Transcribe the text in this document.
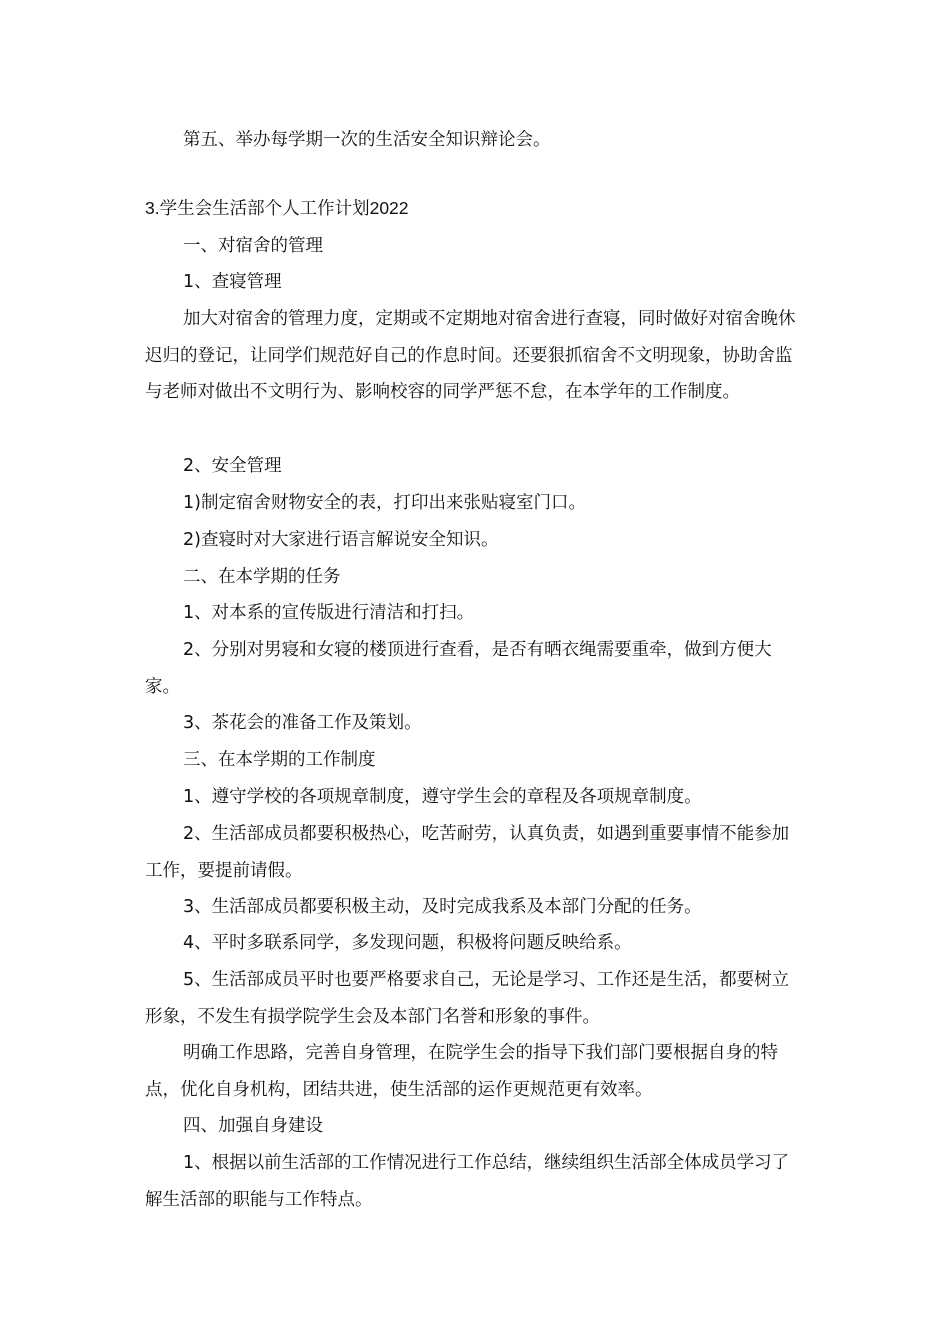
第五、举办每学期一次的生活安全知识辩论会。

3.学生会生活部个人工作计划2022

一、对宿舍的管理

1、查寝管理

加大对宿舍的管理力度，定期或不定期地对宿舍进行查寝，同时做好对宿舍晚休迟归的登记，让同学们规范好自己的作息时间。还要狠抓宿舍不文明现象，协助舍监与老师对做出不文明行为、影响校容的同学严惩不怠，在本学年的工作制度。

2、安全管理

1)制定宿舍财物安全的表，打印出来张贴寝室门口。

2)查寝时对大家进行语言解说安全知识。

二、在本学期的任务

1、对本系的宣传版进行清洁和打扫。

2、分别对男寝和女寝的楼顶进行查看，是否有晒衣绳需要重牵，做到方便大家。

3、茶花会的准备工作及策划。

三、在本学期的工作制度

1、遵守学校的各项规章制度，遵守学生会的章程及各项规章制度。

2、生活部成员都要积极热心，吃苦耐劳，认真负责，如遇到重要事情不能参加工作，要提前请假。

3、生活部成员都要积极主动，及时完成我系及本部门分配的任务。

4、平时多联系同学，多发现问题，积极将问题反映给系。

5、生活部成员平时也要严格要求自己，无论是学习、工作还是生活，都要树立形象，不发生有损学院学生会及本部门名誉和形象的事件。

明确工作思路，完善自身管理，在院学生会的指导下我们部门要根据自身的特点，优化自身机构，团结共进，使生活部的运作更规范更有效率。

四、加强自身建设

1、根据以前生活部的工作情况进行工作总结，继续组织生活部全体成员学习了解生活部的职能与工作特点。
